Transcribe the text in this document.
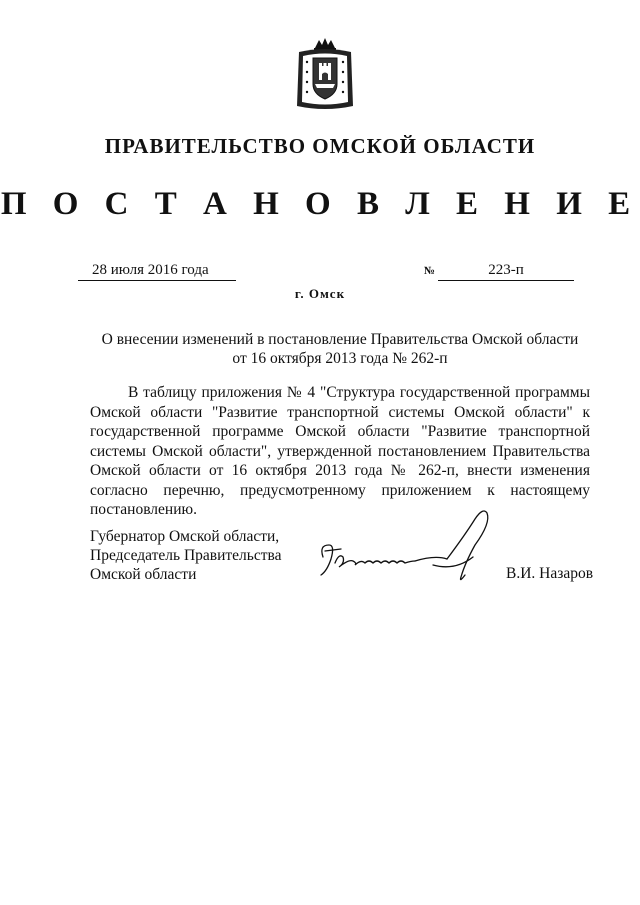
ПРАВИТЕЛЬСТВО ОМСКОЙ ОБЛАСТИ
П О С Т А Н О В Л Е Н И Е
28 июля 2016 года	№	223-п
г. Омск
О внесении изменений в постановление Правительства Омской области
от 16 октября 2013 года № 262-п
В таблицу приложения № 4 "Структура государственной программы Омской области "Развитие транспортной системы Омской области" к государственной программе Омской области "Развитие транспортной системы Омской области", утвержденной постановлением Правительства Омской области от 16 октября 2013 года № 262-п, внести изменения согласно перечню, предусмотренному приложением к настоящему постановлению.
Губернатор Омской области,
Председатель Правительства
Омской области	В.И. Назаров
